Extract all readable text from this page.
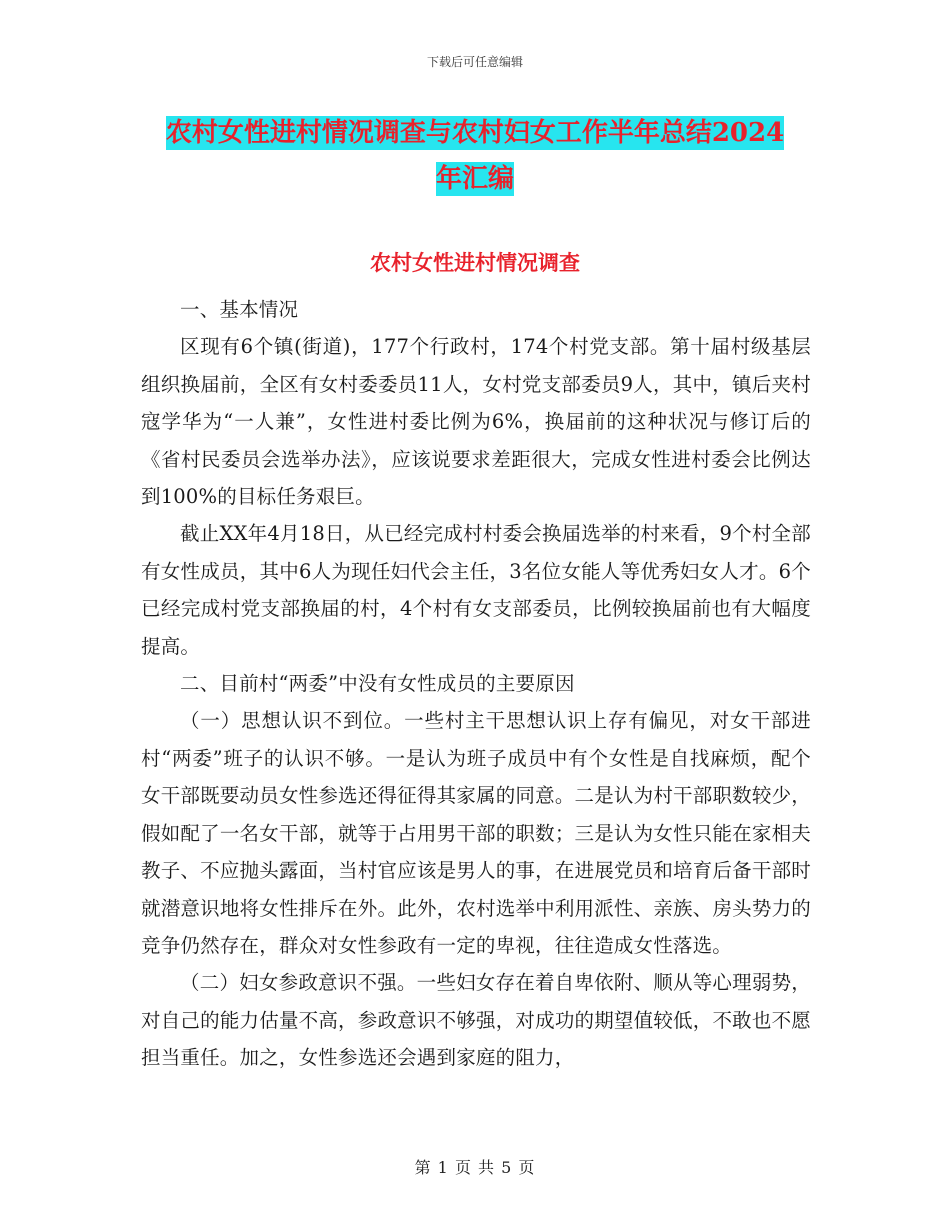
下载后可任意编辑
农村女性进村情况调查与农村妇女工作半年总结2024
年汇编
农村女性进村情况调查

一、基本情况

区现有6个镇(街道)，177个行政村，174个村党支部。第十届村级基层组织换届前，全区有女村委委员11人，女村党支部委员9人，其中，镇后夹村寇学华为“一人兼”，女性进村委比例为6%，换届前的这种状况与修订后的《省村民委员会选举办法》，应该说要求差距很大，完成女性进村委会比例达到100%的目标任务艰巨。

截止XX年4月18日，从已经完成村村委会换届选举的村来看，9个村全部有女性成员，其中6人为现任妇代会主任，3名位女能人等优秀妇女人才。6个已经完成村党支部换届的村，4个村有女支部委员，比例较换届前也有大幅度提高。

二、目前村“两委”中没有女性成员的主要原因

（一）思想认识不到位。一些村主干思想认识上存有偏见，对女干部进村“两委”班子的认识不够。一是认为班子成员中有个女性是自找麻烦，配个女干部既要动员女性参选还得征得其家属的同意。二是认为村干部职数较少，假如配了一名女干部，就等于占用男干部的职数；三是认为女性只能在家相夫教子、不应抛头露面，当村官应该是男人的事，在进展党员和培育后备干部时就潜意识地将女性排斥在外。此外，农村选举中利用派性、亲族、房头势力的竞争仍然存在，群众对女性参政有一定的卑视，往往造成女性落选。

（二）妇女参政意识不强。一些妇女存在着自卑依附、顺从等心理弱势，对自己的能力估量不高，参政意识不够强，对成功的期望值较低，不敢也不愿担当重任。加之，女性参选还会遇到家庭的阻力，

第 1 页 共 5 页
